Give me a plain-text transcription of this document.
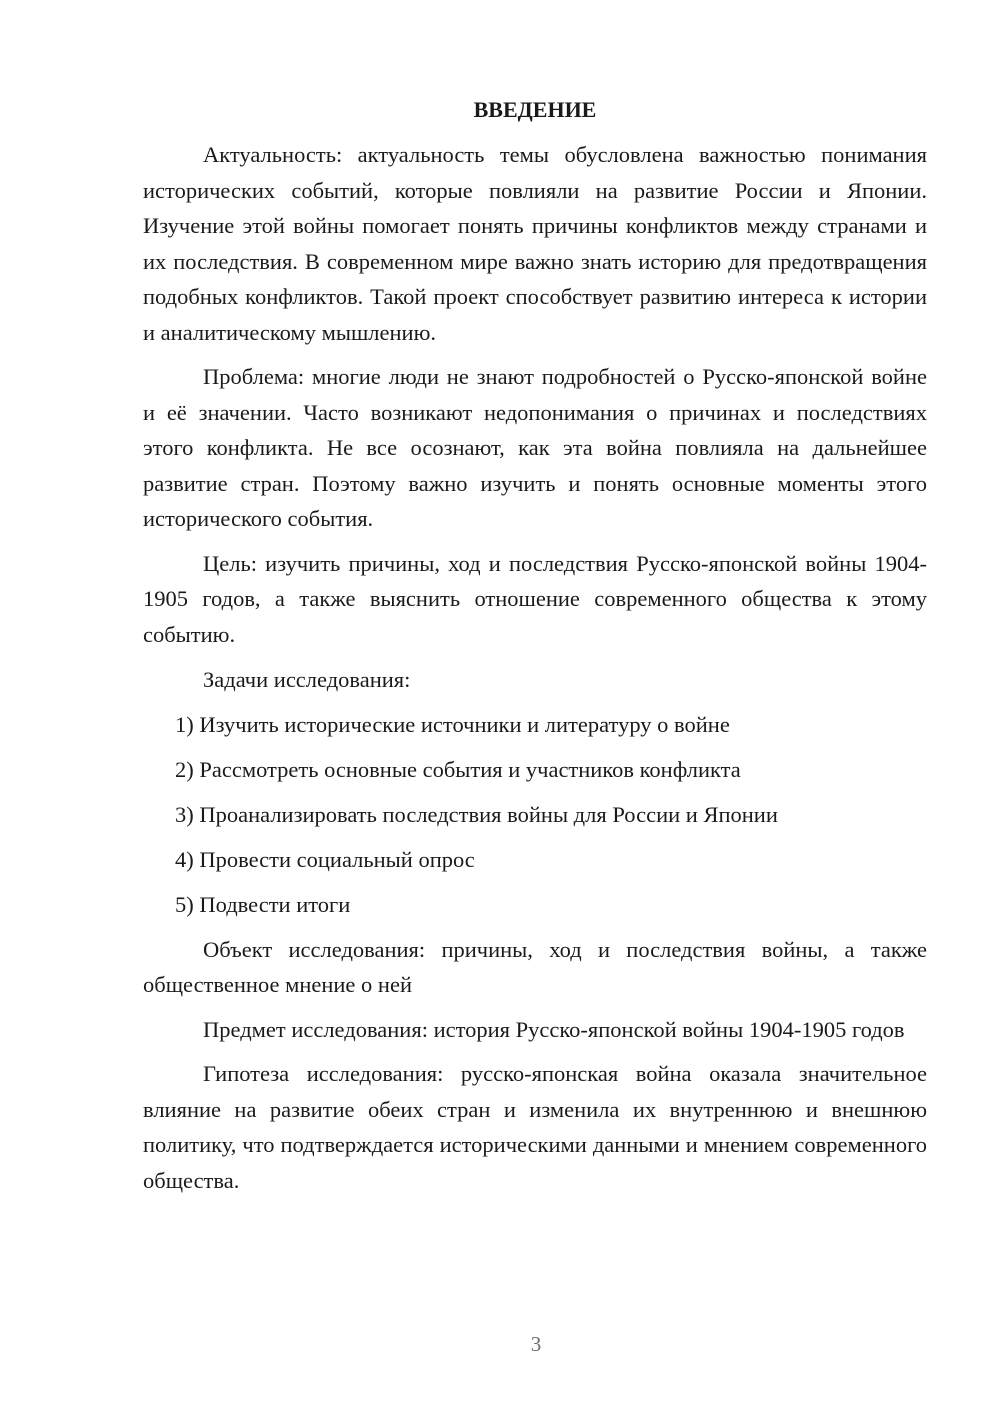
ВВЕДЕНИЕ

Актуальность: актуальность темы обусловлена важностью понимания исторических событий, которые повлияли на развитие России и Японии. Изучение этой войны помогает понять причины конфликтов между странами и их последствия. В современном мире важно знать историю для предотвращения подобных конфликтов. Такой проект способствует развитию интереса к истории и аналитическому мышлению.

Проблема: многие люди не знают подробностей о Русско-японской войне и её значении. Часто возникают недопонимания о причинах и последствиях этого конфликта. Не все осознают, как эта война повлияла на дальнейшее развитие стран. Поэтому важно изучить и понять основные моменты этого исторического события.

Цель: изучить причины, ход и последствия Русско-японской войны 1904-1905 годов, а также выяснить отношение современного общества к этому событию.

Задачи исследования:

1) Изучить исторические источники и литературу о войне

2) Рассмотреть основные события и участников конфликта

3) Проанализировать последствия войны для России и Японии

4) Провести социальный опрос

5) Подвести итоги

Объект исследования: причины, ход и последствия войны, а также общественное мнение о ней

Предмет исследования: история Русско-японской войны 1904-1905 годов

Гипотеза исследования: русско-японская война оказала значительное влияние на развитие обеих стран и изменила их внутреннюю и внешнюю политику, что подтверждается историческими данными и мнением современного общества.

3
